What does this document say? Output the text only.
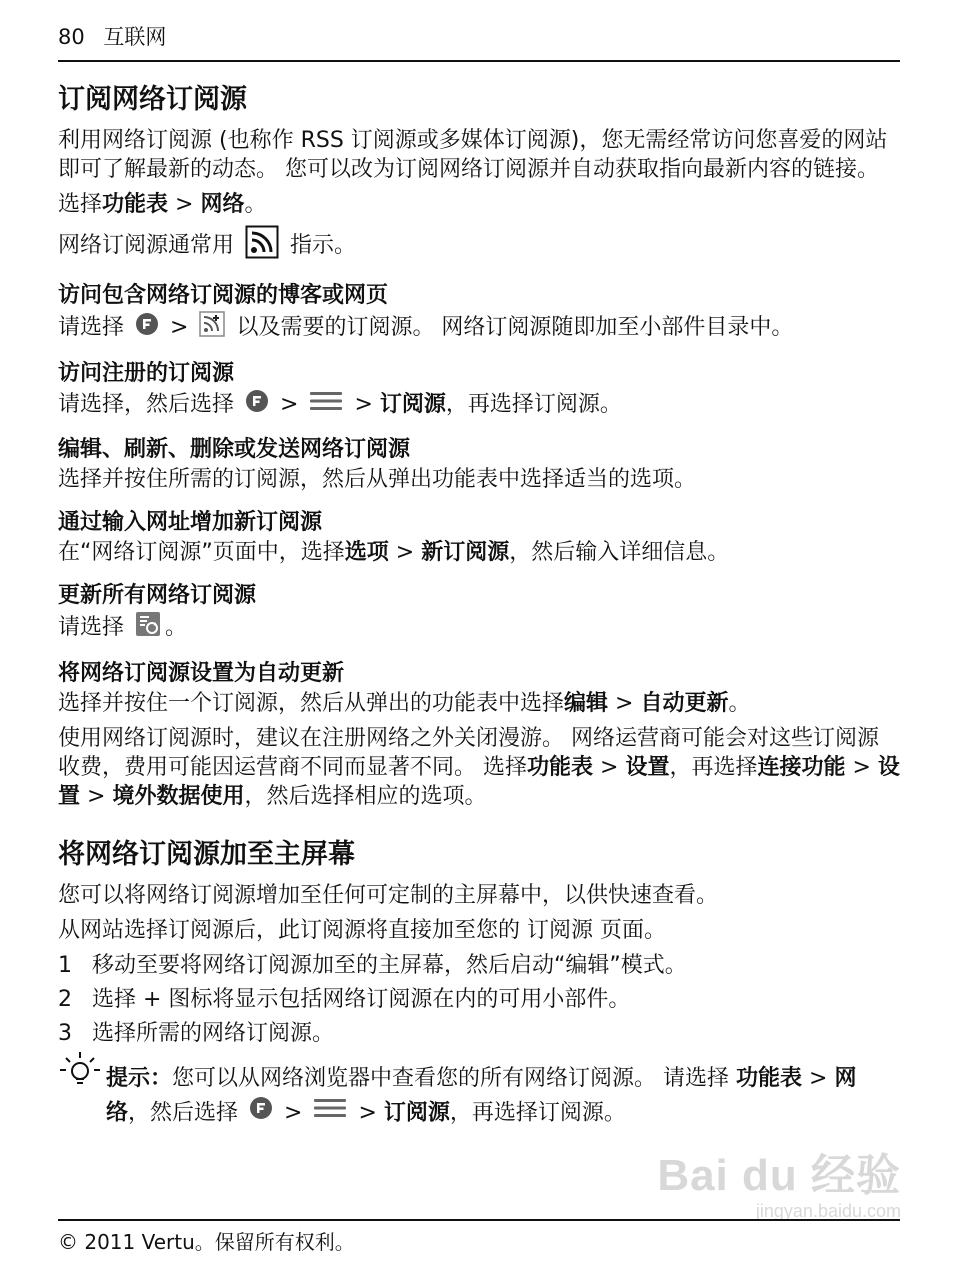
80 互联网
订阅网络订阅源

利用网络订阅源 (也称作 RSS 订阅源或多媒体订阅源)，您无需经常访问您喜爱的网站即可了解最新的动态。 您可以改为订阅网络订阅源并自动获取指向最新内容的链接。

选择功能表 > 网络。

网络订阅源通常用	指示。

访问包含网络订阅源的博客或网页

请选择  >  以及需要的订阅源。 网络订阅源随即加至小部件目录中。

访问注册的订阅源

请选择，然后选择  >  > 订阅源，再选择订阅源。

编辑、刷新、删除或发送网络订阅源

选择并按住所需的订阅源，然后从弹出功能表中选择适当的选项。

通过输入网址增加新订阅源

在“网络订阅源”页面中，选择选项 > 新订阅源，然后输入详细信息。

更新所有网络订阅源

请选择 。

将网络订阅源设置为自动更新

选择并按住一个订阅源，然后从弹出的功能表中选择编辑 > 自动更新。

使用网络订阅源时，建议在注册网络之外关闭漫游。 网络运营商可能会对这些订阅源收费，费用可能因运营商不同而显著不同。 选择功能表 > 设置，再选择连接功能 > 设置 > 境外数据使用，然后选择相应的选项。

将网络订阅源加至主屏幕

您可以将网络订阅源增加至任何可定制的主屏幕中，以供快速查看。

从网站选择订阅源后，此订阅源将直接加至您的 订阅源 页面。

1 移动至要将网络订阅源加至的主屏幕，然后启动“编辑”模式。
2 选择 + 图标将显示包括网络订阅源在内的可用小部件。
3 选择所需的网络订阅源。
提示：您可以从网络浏览器中查看您的所有网络订阅源。 请选择 功能表 > 网络，然后选择  >  > 订阅源，再选择订阅源。
Bai du 经验
jingyan.baidu.com
© 2011 Vertu。保留所有权利。
